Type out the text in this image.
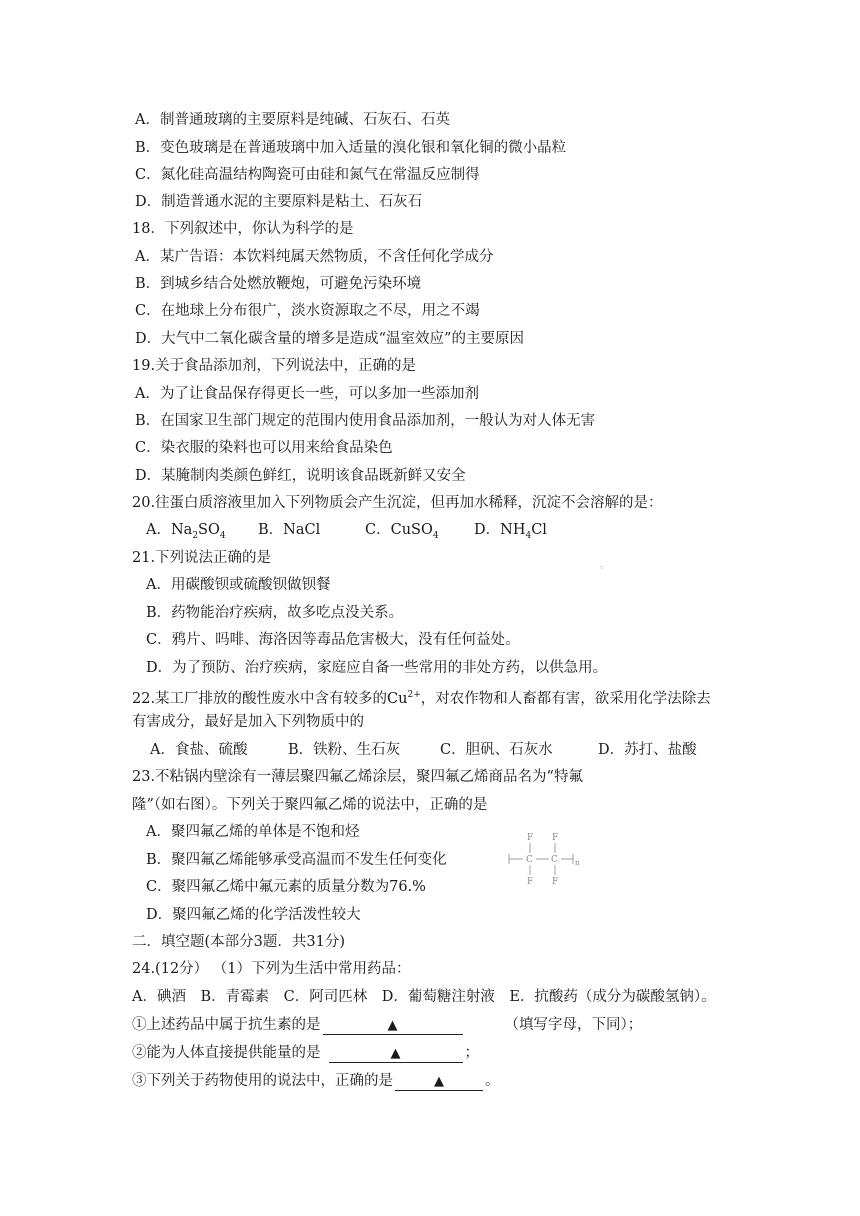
A．制普通玻璃的主要原料是纯碱、石灰石、石英
B．变色玻璃是在普通玻璃中加入适量的溴化银和氧化铜的微小晶粒
C．氮化硅高温结构陶瓷可由硅和氮气在常温反应制得
D．制造普通水泥的主要原料是粘土、石灰石
18．下列叙述中，你认为科学的是
A．某广告语：本饮料纯属天然物质，不含任何化学成分
B．到城乡结合处燃放鞭炮，可避免污染环境
C．在地球上分布很广，淡水资源取之不尽，用之不竭
D．大气中二氧化碳含量的增多是造成“温室效应”的主要原因
19.关于食品添加剂，下列说法中，正确的是
A．为了让食品保存得更长一些，可以多加一些添加剂
B．在国家卫生部门规定的范围内使用食品添加剂，一般认为对人体无害
C．染衣服的染料也可以用来给食品染色
D．某腌制肉类颜色鲜红，说明该食品既新鲜又安全
20.往蛋白质溶液里加入下列物质会产生沉淀，但再加水稀释，沉淀不会溶解的是：
A．$Na_2SO_4$ B．NaCl	C．CuSO$_4$ D．$NH_4Cl$
21.下列说法正确的是	。
A．用碳酸钡或硫酸钡做钡餐
B．药物能治疗疾病，故多吃点没关系。
C．鸦片、吗啡、海洛因等毒品危害极大，没有任何益处。
D．为了预防、治疗疾病，家庭应自备一些常用的非处方药，以供急用。
22.某工厂排放的酸性废水中含有较多的$Cu^{2+}$，对农作物和人畜都有害，欲采用化学法除去
有害成分，最好是加入下列物质中的
A．食盐、硫酸	B．铁粉、生石灰	C．胆矾、石灰水	D．苏打、盐酸
23.不粘锅内壁涂有一薄层聚四氟乙烯涂层，聚四氟乙烯商品名为“特氟
隆”（如右图）。下列关于聚四氟乙烯的说法中，正确的是
A．聚四氟乙烯的单体是不饱和烃
B．聚四氟乙烯能够承受高温而不发生任何变化
C．聚四氟乙烯中氟元素的质量分数为76.%
D．聚四氟乙烯的化学活泼性较大
F F
C C n
F F
二．填空题(本部分3题．共31分)
24.(12分） （1）下列为生活中常用药品：
A．碘酒　B．青霉素　C．阿司匹林　D．葡萄糖注射液　E．抗酸药（成分为碳酸氢钠）。
①上述药品中属于抗生素的是	▲	（填写字母，下同）；
②能为人体直接提供能量的是	▲	；
③下列关于药物使用的说法中，正确的是	▲	。
